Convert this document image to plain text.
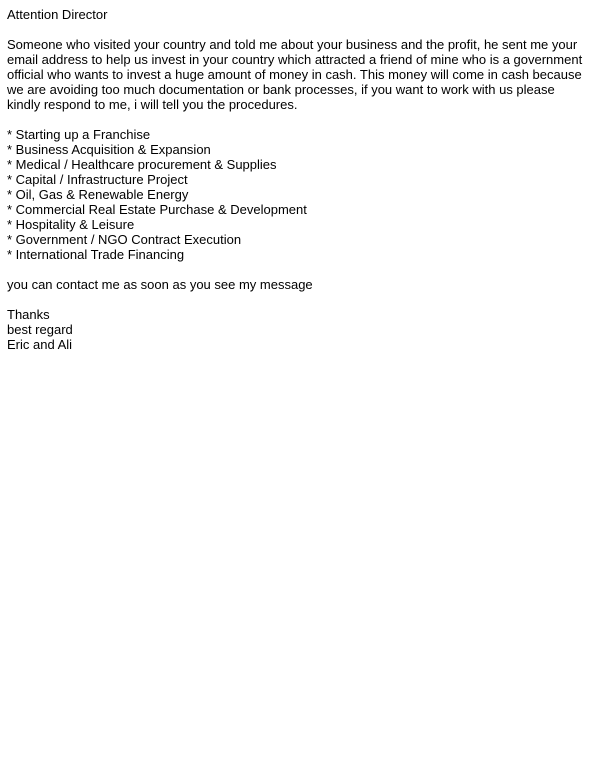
Attention Director
Someone who visited your country and told me about your business and the profit, he sent me your email address to help us invest in your country which attracted a friend of mine who is a government official who wants to invest a huge amount of money in cash. This money will come in cash because we are avoiding too much documentation or bank processes, if you want to work with us please kindly respond to me, i will tell you the procedures.
* Starting up a Franchise
* Business Acquisition & Expansion
* Medical / Healthcare procurement & Supplies
* Capital / Infrastructure Project
* Oil, Gas & Renewable Energy
* Commercial Real Estate Purchase & Development
* Hospitality & Leisure
* Government / NGO Contract Execution
* International Trade Financing
you can contact me as soon as you see my message
Thanks
best regard
Eric and Ali
